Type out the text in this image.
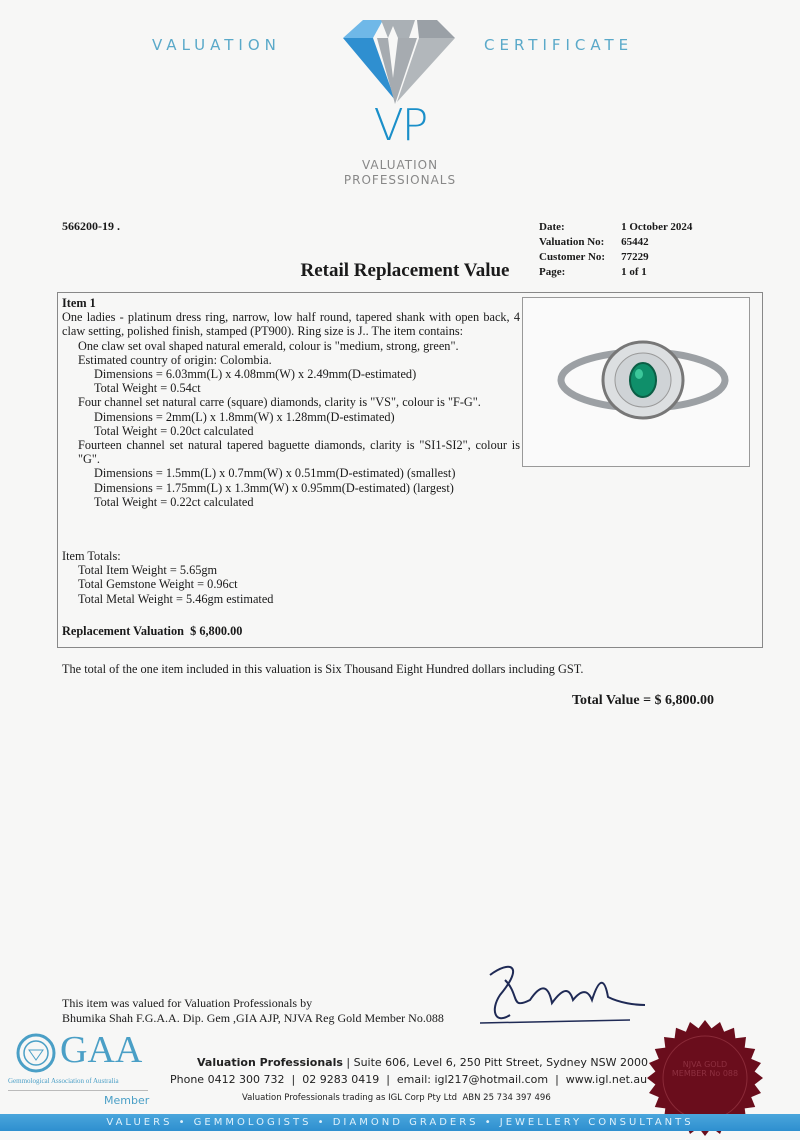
VALUATION	CERTIFICATE
VP
VALUATION
PROFESSIONALS
566200-19 .	Date:	1 October 2024
Valuation No:	65442
Customer No:	77229
Page:	1 of 1
Retail Replacement Value
Item 1
One ladies - platinum dress ring, narrow, low half round, tapered shank with open back, 4 claw setting, polished finish, stamped (PT900). Ring size is J.. The item contains:
One claw set oval shaped natural emerald, colour is "medium, strong, green".
Estimated country of origin: Colombia.
Dimensions = 6.03mm(L) x 4.08mm(W) x 2.49mm(D-estimated)
Total Weight = 0.54ct
Four channel set natural carre (square) diamonds, clarity is "VS", colour is "F-G".
Dimensions = 2mm(L) x 1.8mm(W) x 1.28mm(D-estimated)
Total Weight = 0.20ct calculated
Fourteen channel set natural tapered baguette diamonds, clarity is "SI1-SI2", colour is "G".
Dimensions = 1.5mm(L) x 0.7mm(W) x 0.51mm(D-estimated) (smallest)
Dimensions = 1.75mm(L) x 1.3mm(W) x 0.95mm(D-estimated) (largest)
Total Weight = 0.22ct calculated
Item Totals:
Total Item Weight = 5.65gm
Total Gemstone Weight = 0.96ct
Total Metal Weight = 5.46gm estimated
Replacement Valuation $ 6,800.00
The total of the one item included in this valuation is Six Thousand Eight Hundred dollars including GST.
Total Value = $ 6,800.00
This item was valued for Valuation Professionals by
Bhumika Shah F.G.A.A. Dip. Gem ,GIA AJP, NJVA Reg Gold Member No.088
NJVA GOLD MEMBER No 088
GAA
Gemmological Association of Australia
Member
Valuation Professionals | Suite 606, Level 6, 250 Pitt Street, Sydney NSW 2000
Phone 0412 300 732  |  02 9283 0419  |  email: igl217@hotmail.com  |  www.igl.net.au
Valuation Professionals trading as IGL Corp Pty Ltd  ABN 25 734 397 496
VALUERS • GEMMOLOGISTS • DIAMOND GRADERS • JEWELLERY CONSULTANTS
